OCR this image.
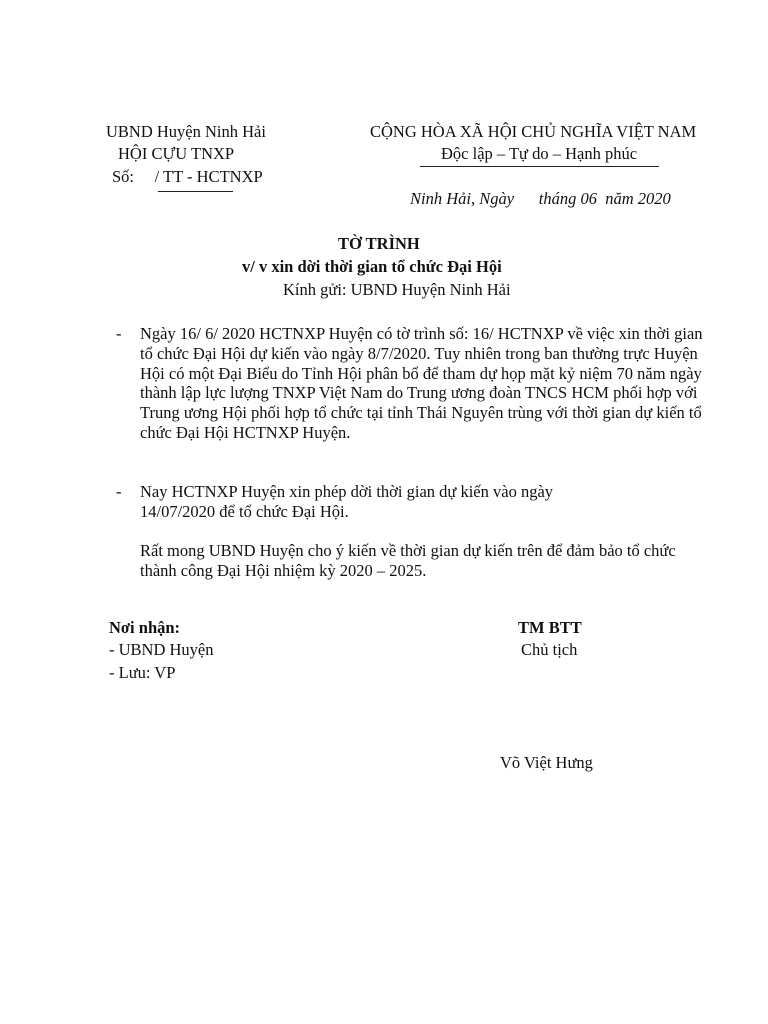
UBND Huyện Ninh Hải
HỘI CỰU TNXP
Số:     / TT - HCTNXP
CỘNG HÒA XÃ HỘI CHỦ NGHĨA VIỆT NAM
Độc lập – Tự do – Hạnh phúc
Ninh Hải, Ngày      tháng 06  năm 2020
TỜ TRÌNH
v/ v xin dời thời gian tổ chức Đại Hội
Kính gửi: UBND Huyện Ninh Hải
- Ngày 16/ 6/ 2020 HCTNXP Huyện có tờ trình số: 16/ HCTNXP về việc xin thời gian tổ chức Đại Hội dự kiến vào ngày 8/7/2020. Tuy nhiên trong ban thường trực Huyện Hội có một Đại Biểu do Tỉnh Hội phân bổ để tham dự họp mặt kỷ niệm 70 năm ngày thành lập lực lượng TNXP Việt Nam do Trung ương đoàn TNCS HCM phối hợp với Trung ương Hội phối hợp tổ chức tại tỉnh Thái Nguyên trùng với thời gian dự kiến tổ chức Đại Hội HCTNXP Huyện.
- Nay HCTNXP Huyện xin phép dời thời gian dự kiến vào ngày 14/07/2020 để tổ chức Đại Hội.
Rất mong UBND Huyện cho ý kiến về thời gian dự kiến trên để đảm bảo tổ chức thành công Đại Hội nhiệm kỳ 2020 – 2025.
Nơi nhận:
- UBND Huyện
- Lưu: VP
TM BTT
Chủ tịch
Võ Việt Hưng
